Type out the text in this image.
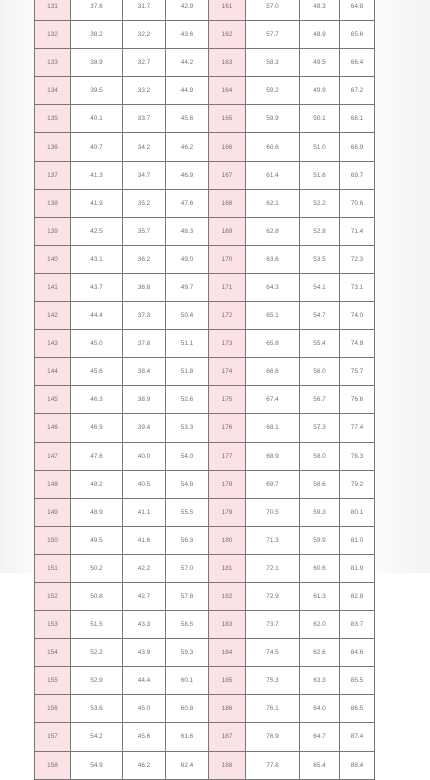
131	37.6	31.7	42.9	161	57.0	48.3	64.8
132	38.2	32.2	43.6	162	57.7	48.9	65.6
133	38.9	32.7	44.2	163	58.3	49.5	66.4
134	39.5	33.2	44.9	164	59.2	49.9	67.2
135	40.1	33.7	45.6	165	59.9	50.1	68.1
136	40.7	34.2	46.2	166	60.6	51.0	68.9
137	41.3	34.7	46.9	167	61.4	51.6	69.7
138	41.9	35.2	47.6	168	62.1	52.2	70.6
139	42.5	35.7	48.3	169	62.8	52.8	71.4
140	43.1	36.2	49.0	170	63.6	53.5	72.3
141	43.7	36.8	49.7	171	64.3	54.1	73.1
142	44.4	37.3	50.4	172	65.1	54.7	74.0
143	45.0	37.8	51.1	173	65.8	55.4	74.8
144	45.6	38.4	51.8	174	66.6	56.0	75.7
145	46.3	38.9	52.6	175	67.4	56.7	76.6
146	46.9	39.4	53.3	176	68.1	57.3	77.4
147	47.6	40.0	54.0	177	68.9	58.0	78.3
148	48.2	40.5	54.8	178	69.7	58.6	79.2
149	48.9	41.1	55.5	179	70.5	59.3	80.1
150	49.5	41.6	56.3	180	71.3	59.9	81.0
151	50.2	42.2	57.0	181	72.1	60.6	81.9
152	50.8	42.7	57.8	182	72.9	61.3	82.8
153	51.5	43.3	58.5	183	73.7	62.0	83.7
154	52.2	43.9	59.3	184	74.5	62.6	84.6
155	52.9	44.4	60.1	185	75.3	63.3	85.5
156	53.6	45.0	60.8	186	76.1	64.0	86.5
157	54.2	45.6	61.6	187	76.9	64.7	87.4
158	54.9	46.2	62.4	188	77.8	65.4	88.4
